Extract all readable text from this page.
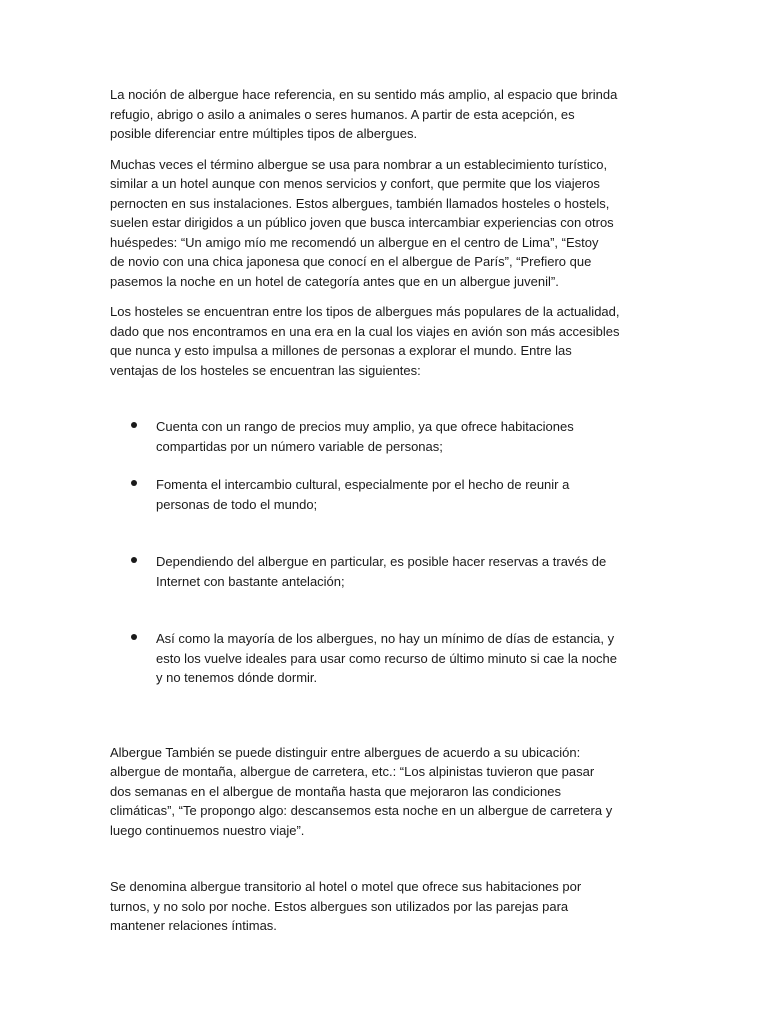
La noción de albergue hace referencia, en su sentido más amplio, al espacio que brinda

refugio, abrigo o asilo a animales o seres humanos. A partir de esta acepción, es

posible diferenciar entre múltiples tipos de albergues.

Muchas veces el término albergue se usa para nombrar a un establecimiento turístico,

similar a un hotel aunque con menos servicios y confort, que permite que los viajeros

pernocten en sus instalaciones. Estos albergues, también llamados hosteles o hostels,

suelen estar dirigidos a un público joven que busca intercambiar experiencias con otros

huéspedes: “Un amigo mío me recomendó un albergue en el centro de Lima”, “Estoy

de novio con una chica japonesa que conocí en el albergue de París”, “Prefiero que

pasemos la noche en un hotel de categoría antes que en un albergue juvenil”.

Los hosteles se encuentran entre los tipos de albergues más populares de la actualidad,

dado que nos encontramos en una era en la cual los viajes en avión son más accesibles

que nunca y esto impulsa a millones de personas a explorar el mundo. Entre las

ventajas de los hosteles se encuentran las siguientes:

Cuenta con un rango de precios muy amplio, ya que ofrece habitaciones

compartidas por un número variable de personas;

Fomenta el intercambio cultural, especialmente por el hecho de reunir a

personas de todo el mundo;

Dependiendo del albergue en particular, es posible hacer reservas a través de

Internet con bastante antelación;

Así como la mayoría de los albergues, no hay un mínimo de días de estancia, y

esto los vuelve ideales para usar como recurso de último minuto si cae la noche

y no tenemos dónde dormir.

Albergue También se puede distinguir entre albergues de acuerdo a su ubicación:

albergue de montaña, albergue de carretera, etc.: “Los alpinistas tuvieron que pasar

dos semanas en el albergue de montaña hasta que mejoraron las condiciones

climáticas”, “Te propongo algo: descansemos esta noche en un albergue de carretera y

luego continuemos nuestro viaje”.

Se denomina albergue transitorio al hotel o motel que ofrece sus habitaciones por

turnos, y no solo por noche. Estos albergues son utilizados por las parejas para

mantener relaciones íntimas.
